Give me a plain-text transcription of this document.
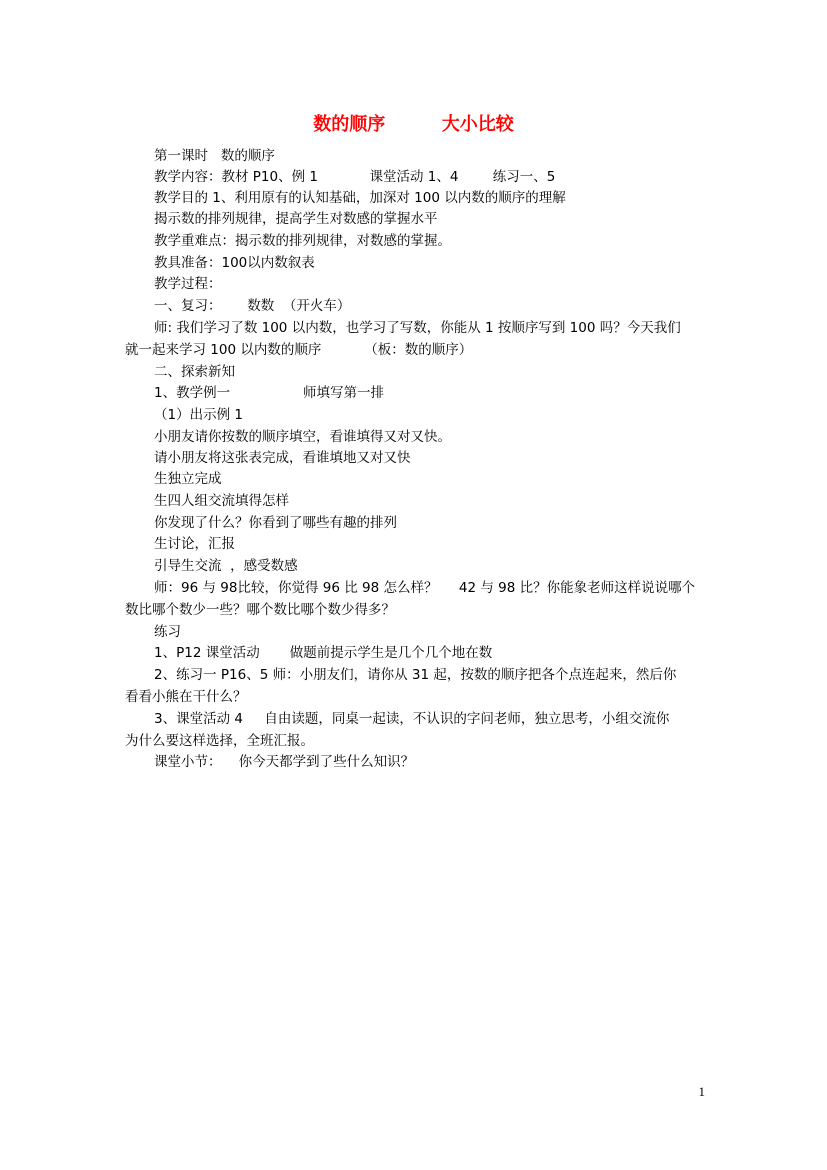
数的顺序         大小比较
第一课时   数的顺序
教学内容：教材 P10、例 1            课堂活动 1、4        练习一、5
教学目的 1、利用原有的认知基础，加深对 100 以内数的顺序的理解
揭示数的排列规律，提高学生对数感的掌握水平
教学重难点：揭示数的排列规律，对数感的掌握。
教具准备：100以内数叙表
教学过程：
一、复习：      数数  （开火车）
师: 我们学习了数 100 以内数，也学习了写数，你能从 1 按顺序写到 100 吗？今天我们
就一起来学习 100 以内数的顺序          （板：数的顺序）
二、探索新知
1、教学例一                 师填写第一排
（1）出示例 1
小朋友请你按数的顺序填空，看谁填得又对又快。
请小朋友将这张表完成，看谁填地又对又快
生独立完成
生四人组交流填得怎样
你发现了什么？你看到了哪些有趣的排列
生讨论，汇报
引导生交流  ，感受数感
师：96 与 98比较，你觉得 96 比 98 怎么样？     42 与 98 比？你能象老师这样说说哪个
数比哪个数少一些？哪个数比哪个数少得多？
练习
1、P12 课堂活动       做题前提示学生是几个几个地在数
2、练习一 P16、5 师：小朋友们，请你从 31 起，按数的顺序把各个点连起来，然后你
看看小熊在干什么？
3、课堂活动 4     自由读题，同桌一起读，不认识的字问老师，独立思考，小组交流你
为什么要这样选择，全班汇报。
课堂小节：    你今天都学到了些什么知识？
1
